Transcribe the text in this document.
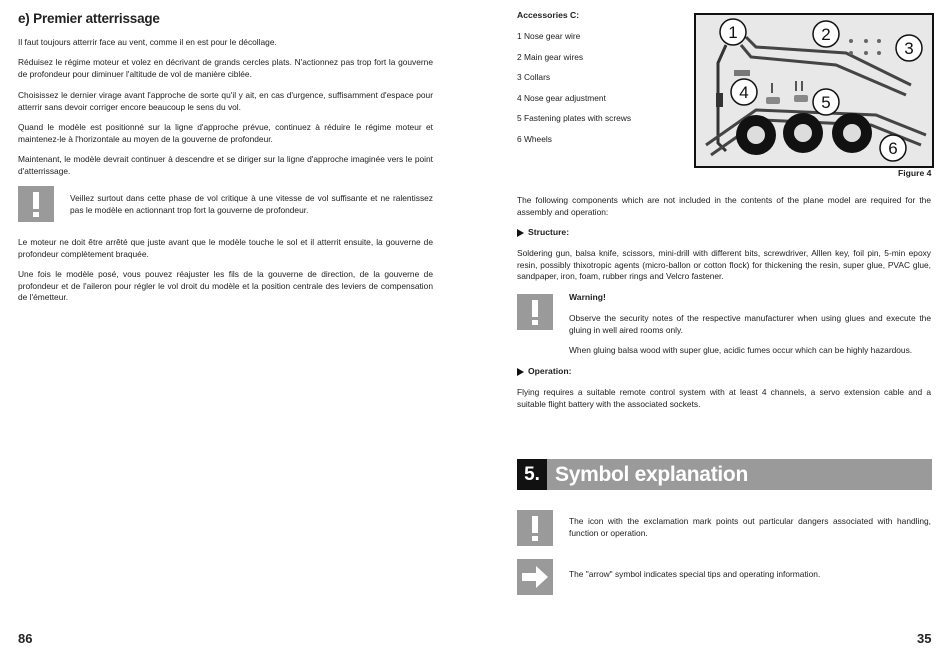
e) Premier atterrissage

Il faut toujours atterrir face au vent, comme il en est pour le décollage.

Réduisez le régime moteur et volez en décrivant de grands cercles plats. N'actionnez pas trop fort la gouverne de profondeur pour diminuer l'altitude de vol de manière ciblée.

Choisissez le dernier virage avant l'approche de sorte qu'il y ait, en cas d'urgence, suffisamment d'espace pour atterrir sans devoir corriger encore beaucoup le sens du vol.

Quand le modèle est positionné sur la ligne d'approche prévue, continuez à réduire le régime moteur et maintenez-le à l'horizontale au moyen de la gouverne de profondeur.

Maintenant, le modèle devrait continuer à descendre et se diriger sur la ligne d'approche imaginée vers le point d'atterrissage.

Veillez surtout dans cette phase de vol critique à une vitesse de vol suffisante et ne ralentissez pas le modèle en actionnant trop fort la gouverne de profondeur.

Le moteur ne doit être arrêté que juste avant que le modèle touche le sol et il atterrit ensuite, la gouverne de profondeur complètement braquée.

Une fois le modèle posé, vous pouvez réajuster les fils de la gouverne de direction, de la gouverne de profondeur et de l'aileron pour régler le vol droit du modèle et la position centrale des leviers de compensation de l'émetteur.

86
Accessories C:
1 Nose gear wire
2 Main gear wires
3 Collars
4 Nose gear adjustment
5 Fastening plates with screws
6 Wheels
1	2
3
4
5
6
Figure 4

The following components which are not included in the contents of the plane model are required for the assembly and operation:

Structure:

Soldering gun, balsa knife, scissors, mini-drill with different bits, screwdriver, Alllen key, foil pin, 5-min epoxy resin, possibly thixotropic agents (micro-ballon or cotton flock) for thickening the resin, super glue, PVAC glue, sandpaper, iron, foam, rubber rings and Velcro fastener.

Warning!

Observe the security notes of the respective manufacturer when using glues and execute the gluing in well aired rooms only.

When gluing balsa wood with super glue, acidic fumes occur which can be highly hazardous.

Operation:

Flying requires a suitable remote control system with at least 4 channels, a servo extension cable and a suitable flight battery with the associated sockets.

5. Symbol explanation

The icon with the exclamation mark points out particular dangers associated with handling, function or operation.

The "arrow" symbol indicates special tips and operating information.

35
